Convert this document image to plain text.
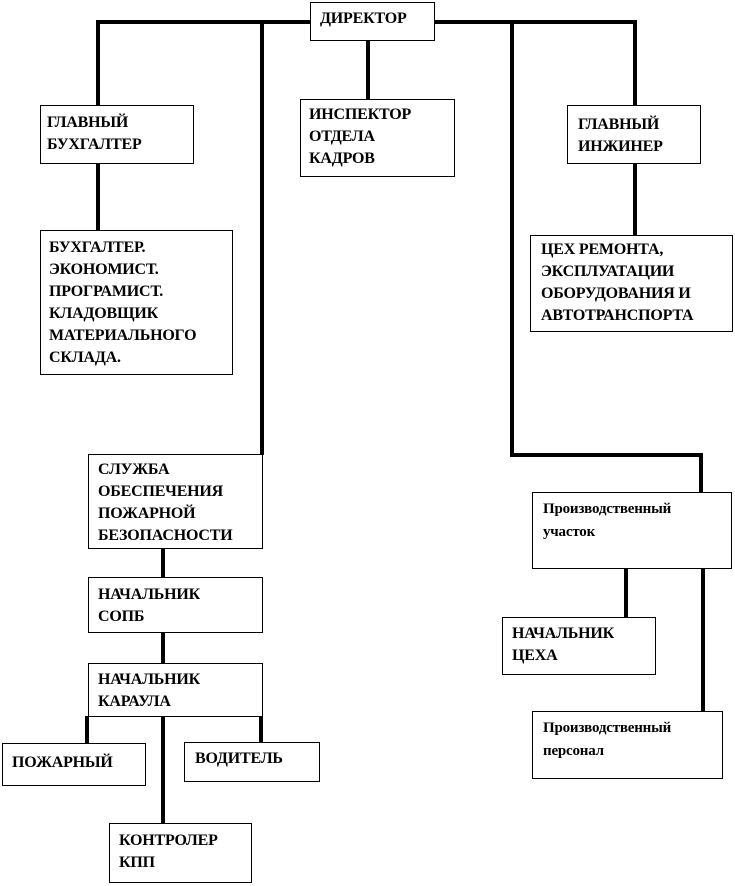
ДИРЕКТОР
ГЛАВНЫЙ
БУХГАЛТЕР
БУХГАЛТЕР.
ЭКОНОМИСТ.
ПРОГРАМИСТ.
КЛАДОВЩИК
МАТЕРИАЛЬНОГО
СКЛАДА.
ИНСПЕКТОР
ОТДЕЛА
КАДРОВ
ГЛАВНЫЙ
ИНЖИНЕР
ЦЕХ РЕМОНТА,
ЭКСПЛУАТАЦИИ
ОБОРУДОВАНИЯ И
АВТОТРАНСПОРТА
СЛУЖБА
ОБЕСПЕЧЕНИЯ
ПОЖАРНОЙ
БЕЗОПАСНОСТИ
НАЧАЛЬНИК
СОПБ
НАЧАЛЬНИК
КАРАУЛА
ПОЖАРНЫЙ	ВОДИТЕЛЬ
КОНТРОЛЕР
КПП
Производственный
участок
НАЧАЛЬНИК
ЦЕХА
Производственный
персонал
